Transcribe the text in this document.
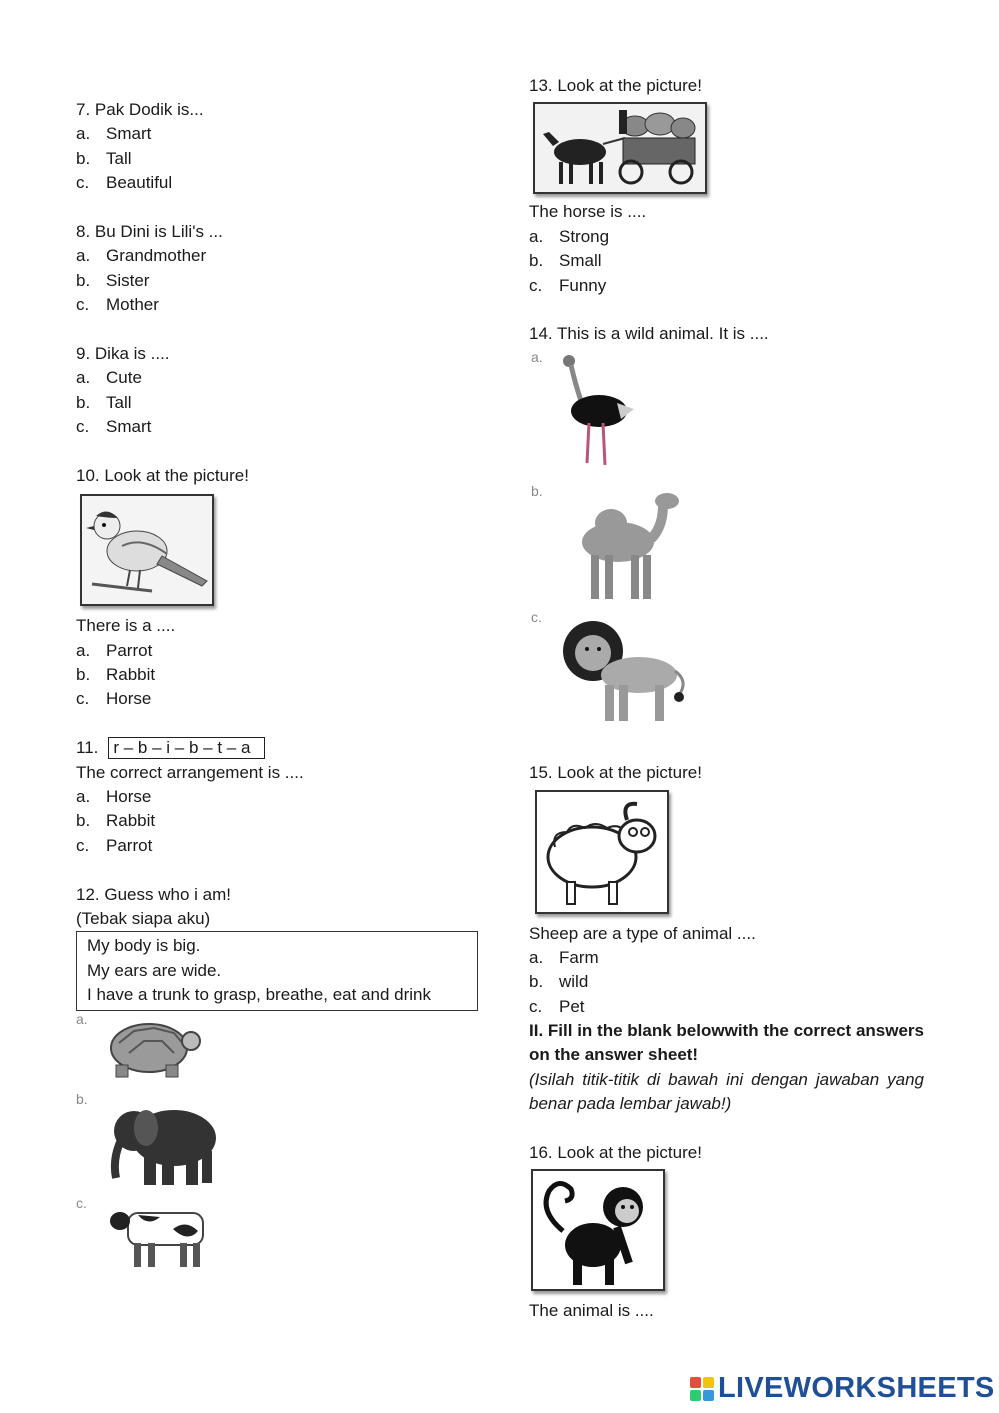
7. Pak Dodik is...
a. Smart
b. Tall
c. Beautiful
8. Bu Dini is Lili's ...
a. Grandmother
b. Sister
c. Mother
9. Dika is ....
a. Cute
b. Tall
c. Smart
10. Look at the picture!
There is a ....
a. Parrot
b. Rabbit
c. Horse
11. r – b – i – b – t – a
The correct arrangement is ....
a. Horse
b. Rabbit
c. Parrot
12. Guess who i am!
(Tebak siapa aku)
My body is big.
My ears are wide.
I have a trunk to grasp, breathe, eat and drink
a.
b.
c.
13. Look at the picture!
The horse is ....
a. Strong
b. Small
c. Funny
14. This is a wild animal. It is ....
a.
b.
c.
15. Look at the picture!
Sheep are a type of animal ....
a. Farm
b. wild
c. Pet
II. Fill in the blank belowwith the correct answers on the answer sheet!
(Isilah titik-titik di bawah ini dengan jawaban yang benar pada lembar jawab!)
16. Look at the picture!
The animal is ....
LIVEWORKSHEETS
